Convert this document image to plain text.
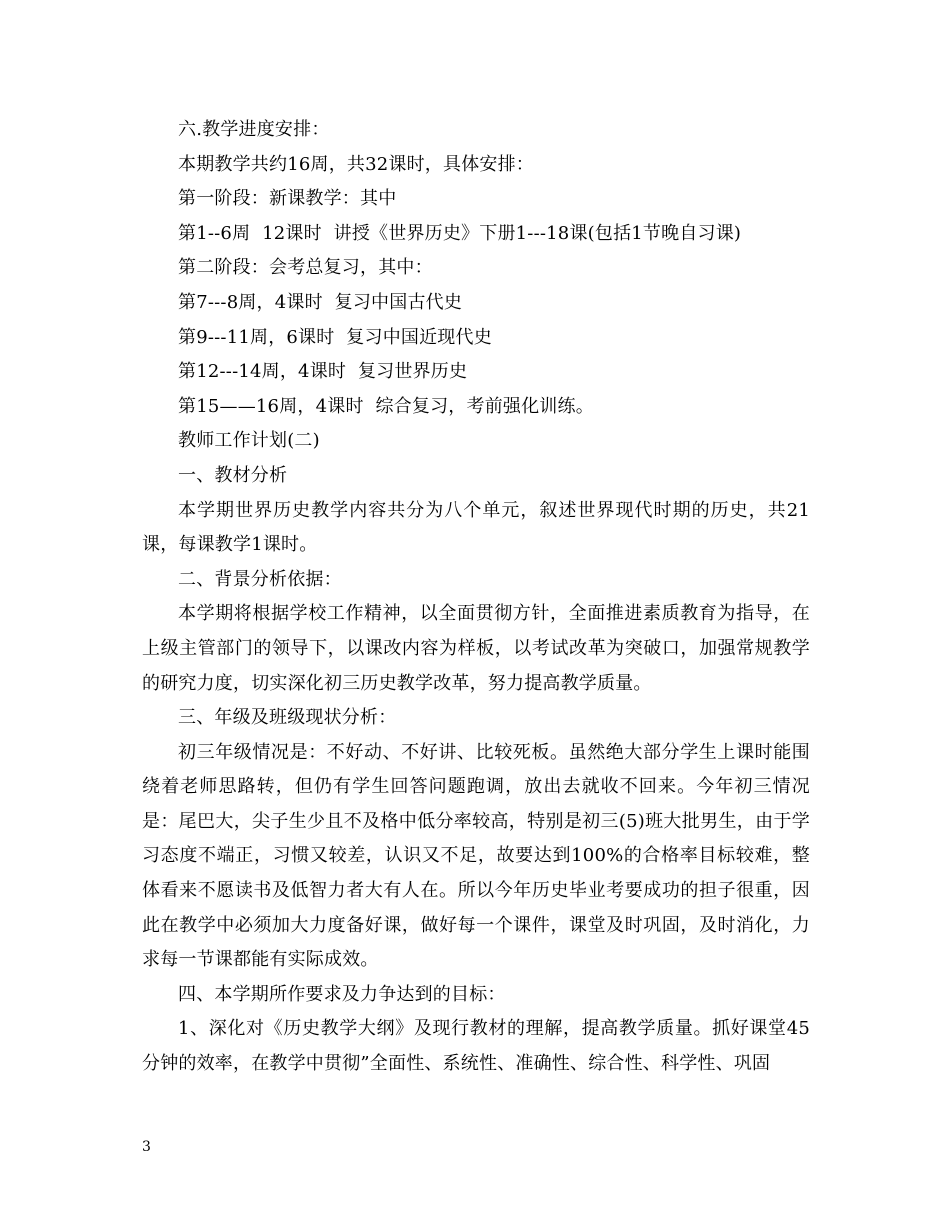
六.教学进度安排：
本期教学共约16周，共32课时，具体安排：
第一阶段：新课教学：其中
第1--6周  12课时  讲授《世界历史》下册1---18课(包括1节晚自习课)
第二阶段：会考总复习，其中：
第7---8周，4课时  复习中国古代史
第9---11周，6课时  复习中国近现代史
第12---14周，4课时  复习世界历史
第15——16周，4课时  综合复习，考前强化训练。
教师工作计划(二)
一、教材分析

本学期世界历史教学内容共分为八个单元，叙述世界现代时期的历史，共21课，每课教学1课时。

二、背景分析依据：

本学期将根据学校工作精神，以全面贯彻方针，全面推进素质教育为指导，在上级主管部门的领导下，以课改内容为样板，以考试改革为突破口，加强常规教学的研究力度，切实深化初三历史教学改革，努力提高教学质量。

三、年级及班级现状分析：

初三年级情况是：不好动、不好讲、比较死板。虽然绝大部分学生上课时能围绕着老师思路转，但仍有学生回答问题跑调，放出去就收不回来。今年初三情况是：尾巴大，尖子生少且不及格中低分率较高，特别是初三(5)班大批男生，由于学习态度不端正，习惯又较差，认识又不足，故要达到100%的合格率目标较难，整体看来不愿读书及低智力者大有人在。所以今年历史毕业考要成功的担子很重，因此在教学中必须加大力度备好课，做好每一个课件，课堂及时巩固，及时消化，力求每一节课都能有实际成效。

四、本学期所作要求及力争达到的目标：

1、深化对《历史教学大纲》及现行教材的理解，提高教学质量。抓好课堂45分钟的效率，在教学中贯彻”全面性、系统性、准确性、综合性、科学性、巩固

3
